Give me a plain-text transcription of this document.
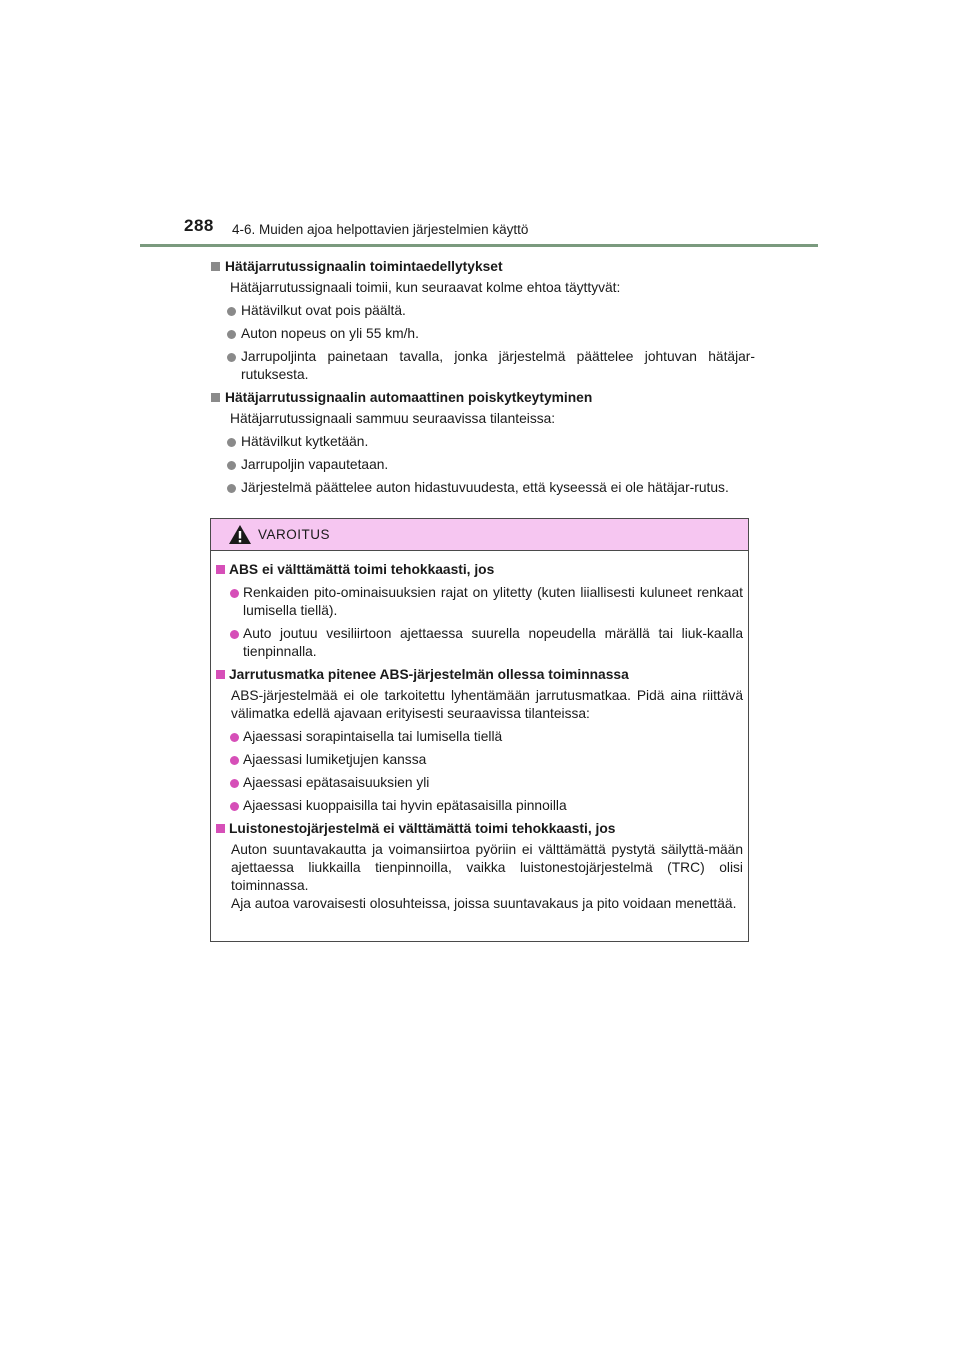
288 4-6. Muiden ajoa helpottavien järjestelmien käyttö
Hätäjarrutussignaalin toimintaedellytykset
Hätäjarrutussignaali toimii, kun seuraavat kolme ehtoa täyttyvät:
Hätävilkut ovat pois päältä.
Auton nopeus on yli 55 km/h.
Jarrupoljinta painetaan tavalla, jonka järjestelmä päättelee johtuvan hätäjar-rutuksesta.
Hätäjarrutussignaalin automaattinen poiskytkeytyminen
Hätäjarrutussignaali sammuu seuraavissa tilanteissa:
Hätävilkut kytketään.
Jarrupoljin vapautetaan.
Järjestelmä päättelee auton hidastuvuudesta, että kyseessä ei ole hätäjar-rutus.
VAROITUS
ABS ei välttämättä toimi tehokkaasti, jos
Renkaiden pito-ominaisuuksien rajat on ylitetty (kuten liiallisesti kuluneet renkaat lumisella tiellä).
Auto joutuu vesiliirtoon ajettaessa suurella nopeudella märällä tai liuk-kaalla tienpinnalla.
Jarrutusmatka pitenee ABS-järjestelmän ollessa toiminnassa
ABS-järjestelmää ei ole tarkoitettu lyhentämään jarrutusmatkaa. Pidä aina riittävä välimatka edellä ajavaan erityisesti seuraavissa tilanteissa:
Ajaessasi sorapintaisella tai lumisella tiellä
Ajaessasi lumiketjujen kanssa
Ajaessasi epätasaisuuksien yli
Ajaessasi kuoppaisilla tai hyvin epätasaisilla pinnoilla
Luistonestojärjestelmä ei välttämättä toimi tehokkaasti, jos
Auton suuntavakautta ja voimansiirtoa pyöriin ei välttämättä pystytä säilyttä-mään ajettaessa liukkailla tienpinnoilla, vaikka luistonestojärjestelmä (TRC) olisi toiminnassa.
Aja autoa varovaisesti olosuhteissa, joissa suuntavakaus ja pito voidaan menettää.
